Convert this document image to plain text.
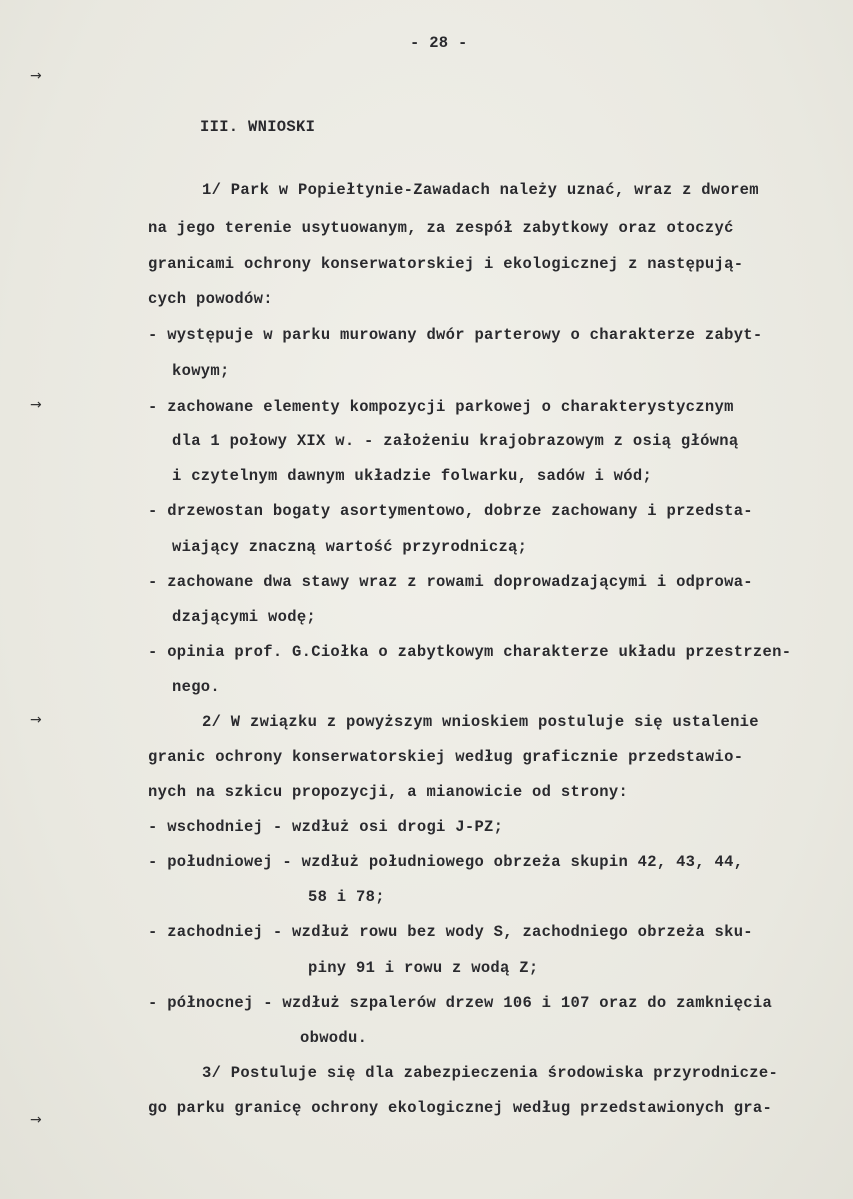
- 28 -
→
→
→
→
III. WNIOSKI
1/ Park w Popiełtynie-Zawadach należy uznać, wraz z dworem
na jego terenie usytuowanym, za zespół zabytkowy oraz otoczyć
granicami ochrony konserwatorskiej i ekologicznej z następują-
cych powodów:
- występuje w parku murowany dwór parterowy o charakterze zabyt-
kowym;
- zachowane elementy kompozycji parkowej o charakterystycznym
dla 1 połowy XIX w. - założeniu krajobrazowym z osią główną
i czytelnym dawnym układzie folwarku, sadów i wód;
- drzewostan bogaty asortymentowo, dobrze zachowany i przedsta-
wiający znaczną wartość przyrodniczą;
- zachowane dwa stawy wraz z rowami doprowadzającymi i odprowa-
dzającymi wodę;
- opinia prof. G.Ciołka o zabytkowym charakterze układu przestrzen-
nego.
2/ W związku z powyższym wnioskiem postuluje się ustalenie
granic ochrony konserwatorskiej według graficznie przedstawio-
nych na szkicu propozycji, a mianowicie od strony:
- wschodniej - wzdłuż osi drogi J-PZ;
- południowej - wzdłuż południowego obrzeża skupin 42, 43, 44,
58 i 78;
- zachodniej - wzdłuż rowu bez wody S, zachodniego obrzeża sku-
piny 91 i rowu z wodą Z;
- północnej - wzdłuż szpalerów drzew 106 i 107 oraz do zamknięcia
obwodu.
3/ Postuluje się dla zabezpieczenia środowiska przyrodnicze-
go parku granicę ochrony ekologicznej według przedstawionych gra-
